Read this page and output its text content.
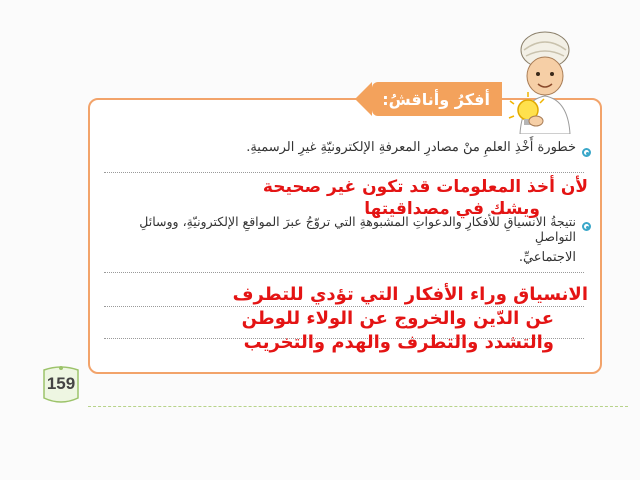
أفكرُ وأناقشُ:
خطورة أَخْذِ العلمِ منْ مصادرِ المعرفةِ الإلكترونيّةِ غيرِ الرسميةِ.
لأن أخذ المعلومات قد تكون غير صحيحة
ويشك في مصداقيتها
نتيجةُ الانسياقِ للأفكارِ والدعواتِ المشبوهةِ التي تروّجُ عبرَ المواقعِ الإلكترونيّةِ، ووسائلِ التواصلِ
الاجتماعيِّ.
الانسياق وراء الأفكار التي تؤدي للتطرف
عن الدّين والخروج عن الولاء للوطن
والتشدد والتطرف والهدم والتخريب
159
